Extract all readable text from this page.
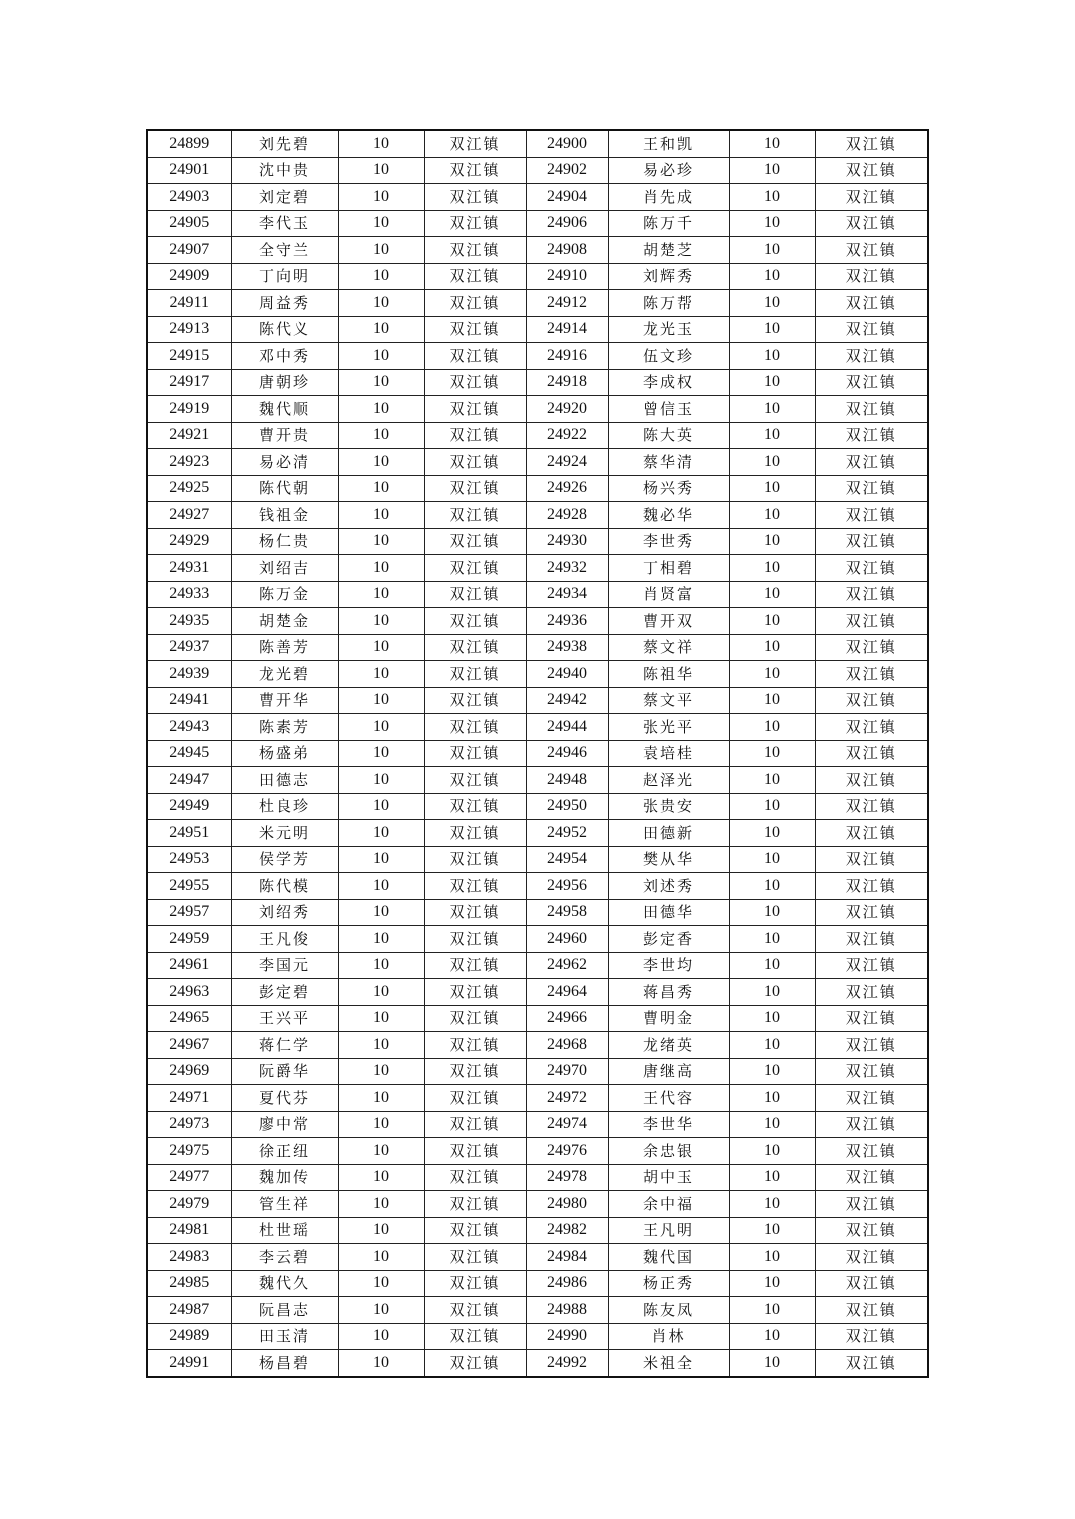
24899	刘先碧	10	双江镇	24900	王和凯	10	双江镇
24901	沈中贵	10	双江镇	24902	易必珍	10	双江镇
24903	刘定碧	10	双江镇	24904	肖先成	10	双江镇
24905	李代玉	10	双江镇	24906	陈万千	10	双江镇
24907	全守兰	10	双江镇	24908	胡楚芝	10	双江镇
24909	丁向明	10	双江镇	24910	刘辉秀	10	双江镇
24911	周益秀	10	双江镇	24912	陈万帮	10	双江镇
24913	陈代义	10	双江镇	24914	龙光玉	10	双江镇
24915	邓中秀	10	双江镇	24916	伍文珍	10	双江镇
24917	唐朝珍	10	双江镇	24918	李成权	10	双江镇
24919	魏代顺	10	双江镇	24920	曾信玉	10	双江镇
24921	曹开贵	10	双江镇	24922	陈大英	10	双江镇
24923	易必清	10	双江镇	24924	蔡华清	10	双江镇
24925	陈代朝	10	双江镇	24926	杨兴秀	10	双江镇
24927	钱祖金	10	双江镇	24928	魏必华	10	双江镇
24929	杨仁贵	10	双江镇	24930	李世秀	10	双江镇
24931	刘绍吉	10	双江镇	24932	丁相碧	10	双江镇
24933	陈万金	10	双江镇	24934	肖贤富	10	双江镇
24935	胡楚金	10	双江镇	24936	曹开双	10	双江镇
24937	陈善芳	10	双江镇	24938	蔡文祥	10	双江镇
24939	龙光碧	10	双江镇	24940	陈祖华	10	双江镇
24941	曹开华	10	双江镇	24942	蔡文平	10	双江镇
24943	陈素芳	10	双江镇	24944	张光平	10	双江镇
24945	杨盛弟	10	双江镇	24946	袁培桂	10	双江镇
24947	田德志	10	双江镇	24948	赵泽光	10	双江镇
24949	杜良珍	10	双江镇	24950	张贵安	10	双江镇
24951	米元明	10	双江镇	24952	田德新	10	双江镇
24953	侯学芳	10	双江镇	24954	樊从华	10	双江镇
24955	陈代模	10	双江镇	24956	刘述秀	10	双江镇
24957	刘绍秀	10	双江镇	24958	田德华	10	双江镇
24959	王凡俊	10	双江镇	24960	彭定香	10	双江镇
24961	李国元	10	双江镇	24962	李世均	10	双江镇
24963	彭定碧	10	双江镇	24964	蒋昌秀	10	双江镇
24965	王兴平	10	双江镇	24966	曹明金	10	双江镇
24967	蒋仁学	10	双江镇	24968	龙绪英	10	双江镇
24969	阮爵华	10	双江镇	24970	唐继高	10	双江镇
24971	夏代芬	10	双江镇	24972	王代容	10	双江镇
24973	廖中常	10	双江镇	24974	李世华	10	双江镇
24975	徐正纽	10	双江镇	24976	余忠银	10	双江镇
24977	魏加传	10	双江镇	24978	胡中玉	10	双江镇
24979	管生祥	10	双江镇	24980	余中福	10	双江镇
24981	杜世瑶	10	双江镇	24982	王凡明	10	双江镇
24983	李云碧	10	双江镇	24984	魏代国	10	双江镇
24985	魏代久	10	双江镇	24986	杨正秀	10	双江镇
24987	阮昌志	10	双江镇	24988	陈友凤	10	双江镇
24989	田玉清	10	双江镇	24990	肖林	10	双江镇
24991	杨昌碧	10	双江镇	24992	米祖全	10	双江镇
